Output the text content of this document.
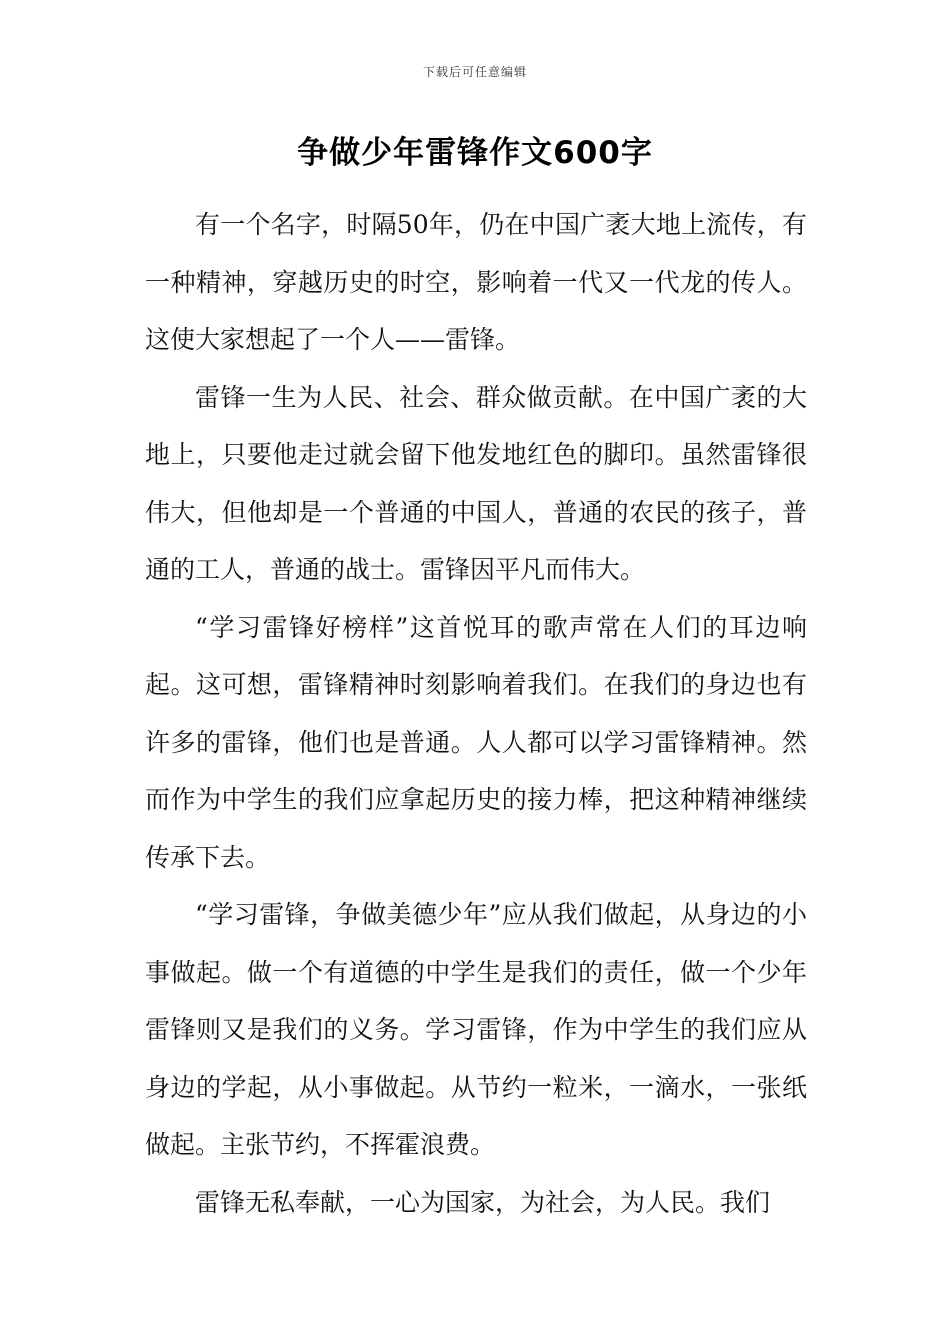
下载后可任意编辑
争做少年雷锋作文600字

有一个名字，时隔50年，仍在中国广袤大地上流传，有一种精神，穿越历史的时空，影响着一代又一代龙的传人。这使大家想起了一个人——雷锋。

雷锋一生为人民、社会、群众做贡献。在中国广袤的大地上，只要他走过就会留下他发地红色的脚印。虽然雷锋很伟大，但他却是一个普通的中国人，普通的农民的孩子，普通的工人，普通的战士。雷锋因平凡而伟大。

“学习雷锋好榜样”这首悦耳的歌声常在人们的耳边响起。这可想，雷锋精神时刻影响着我们。在我们的身边也有许多的雷锋，他们也是普通。人人都可以学习雷锋精神。然而作为中学生的我们应拿起历史的接力棒，把这种精神继续传承下去。

“学习雷锋，争做美德少年”应从我们做起，从身边的小事做起。做一个有道德的中学生是我们的责任，做一个少年雷锋则又是我们的义务。学习雷锋，作为中学生的我们应从身边的学起，从小事做起。从节约一粒米，一滴水，一张纸做起。主张节约，不挥霍浪费。

雷锋无私奉献，一心为国家，为社会，为人民。我们
